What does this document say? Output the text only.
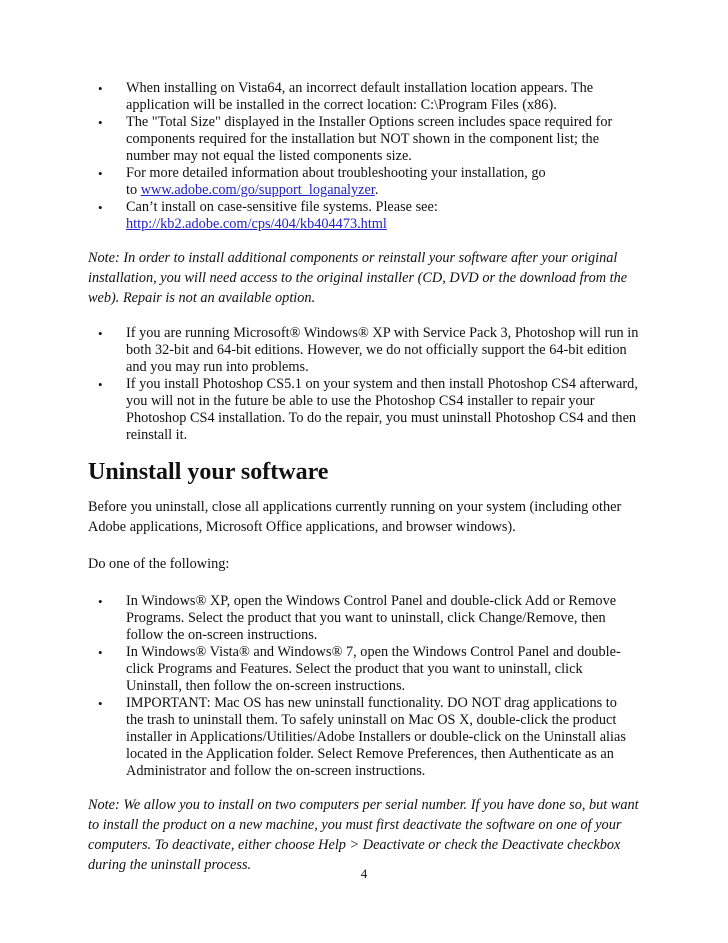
• When installing on Vista64, an incorrect default installation location appears. The
application will be installed in the correct location: C:\Program Files (x86).
• The "Total Size" displayed in the Installer Options screen includes space required for
components required for the installation but NOT shown in the component list; the
number may not equal the listed components size.
• For more detailed information about troubleshooting your installation, go
to www.adobe.com/go/support_loganalyzer.
• Can’t install on case-sensitive file systems. Please see:
http://kb2.adobe.com/cps/404/kb404473.html

Note: In order to install additional components or reinstall your software after your original
installation, you will need access to the original installer (CD, DVD or the download from the
web). Repair is not an available option.

• If you are running Microsoft® Windows® XP with Service Pack 3, Photoshop will run in
both 32-bit and 64-bit editions. However, we do not officially support the 64-bit edition
and you may run into problems.
• If you install Photoshop CS5.1 on your system and then install Photoshop CS4 afterward,
you will not in the future be able to use the Photoshop CS4 installer to repair your
Photoshop CS4 installation. To do the repair, you must uninstall Photoshop CS4 and then
reinstall it.
Uninstall your software

Before you uninstall, close all applications currently running on your system (including other
Adobe applications, Microsoft Office applications, and browser windows).

Do one of the following:

• In Windows® XP, open the Windows Control Panel and double-click Add or Remove
Programs. Select the product that you want to uninstall, click Change/Remove, then
follow the on-screen instructions.
• In Windows® Vista® and Windows® 7, open the Windows Control Panel and double-
click Programs and Features. Select the product that you want to uninstall, click
Uninstall, then follow the on-screen instructions.
• IMPORTANT: Mac OS has new uninstall functionality. DO NOT drag applications to
the trash to uninstall them. To safely uninstall on Mac OS X, double-click the product
installer in Applications/Utilities/Adobe Installers or double-click on the Uninstall alias
located in the Application folder. Select Remove Preferences, then Authenticate as an
Administrator and follow the on-screen instructions.

Note: We allow you to install on two computers per serial number. If you have done so, but want
to install the product on a new machine, you must first deactivate the software on one of your
computers. To deactivate, either choose Help > Deactivate or check the Deactivate checkbox
during the uninstall process.

4
